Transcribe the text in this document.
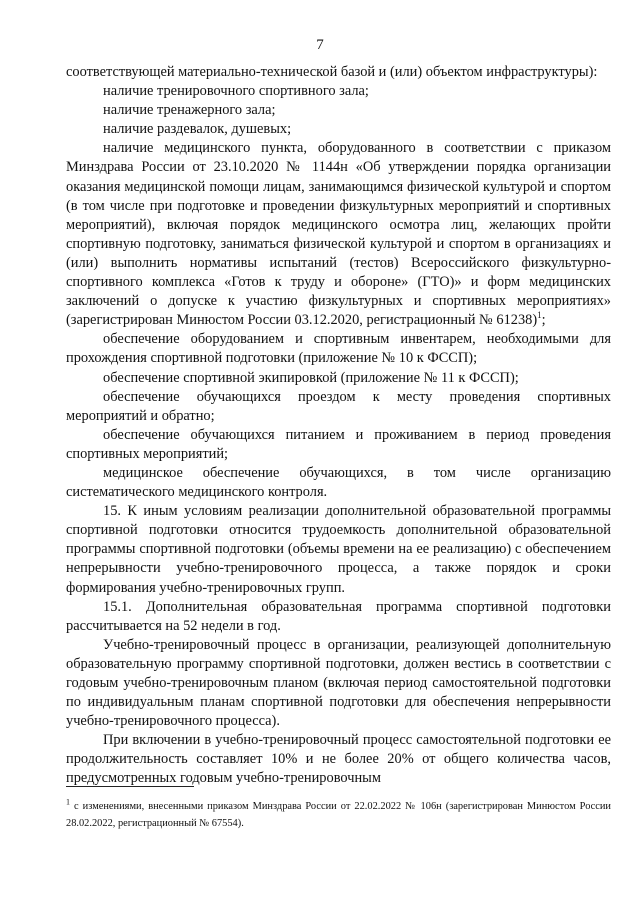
7

соответствующей материально-технической базой и (или) объектом инфраструктуры):

наличие тренировочного спортивного зала;

наличие тренажерного зала;

наличие раздевалок, душевых;

наличие медицинского пункта, оборудованного в соответствии с приказом Минздрава России от 23.10.2020 № 1144н «Об утверждении порядка организации оказания медицинской помощи лицам, занимающимся физической культурой и спортом (в том числе при подготовке и проведении физкультурных мероприятий и спортивных мероприятий), включая порядок медицинского осмотра лиц, желающих пройти спортивную подготовку, заниматься физической культурой и спортом в организациях и (или) выполнить нормативы испытаний (тестов) Всероссийского физкультурно-спортивного комплекса «Готов к труду и обороне» (ГТО)» и форм медицинских заключений о допуске к участию физкультурных и спортивных мероприятиях» (зарегистрирован Минюстом России 03.12.2020, регистрационный № 61238)$^1$;

обеспечение оборудованием и спортивным инвентарем, необходимыми для прохождения спортивной подготовки (приложение № 10 к ФССП);

обеспечение спортивной экипировкой (приложение № 11 к ФССП);

обеспечение обучающихся проездом к месту проведения спортивных мероприятий и обратно;

обеспечение обучающихся питанием и проживанием в период проведения спортивных мероприятий;

медицинское обеспечение обучающихся, в том числе организацию систематического медицинского контроля.

15. К иным условиям реализации дополнительной образовательной программы спортивной подготовки относится трудоемкость дополнительной образовательной программы спортивной подготовки (объемы времени на ее реализацию) с обеспечением непрерывности учебно-тренировочного процесса, а также порядок и сроки формирования учебно-тренировочных групп.

15.1. Дополнительная образовательная программа спортивной подготовки рассчитывается на 52 недели в год.

Учебно-тренировочный процесс в организации, реализующей дополнительную образовательную программу спортивной подготовки, должен вестись в соответствии с годовым учебно-тренировочным планом (включая период самостоятельной подготовки по индивидуальным планам спортивной подготовки для обеспечения непрерывности учебно-тренировочного процесса).

При включении в учебно-тренировочный процесс самостоятельной подготовки ее продолжительность составляет 10% и не более 20% от общего количества часов, предусмотренных годовым учебно-тренировочным

$^1$ с изменениями, внесенными приказом Минздрава России от 22.02.2022 № 106н (зарегистрирован Минюстом России 28.02.2022, регистрационный № 67554).
